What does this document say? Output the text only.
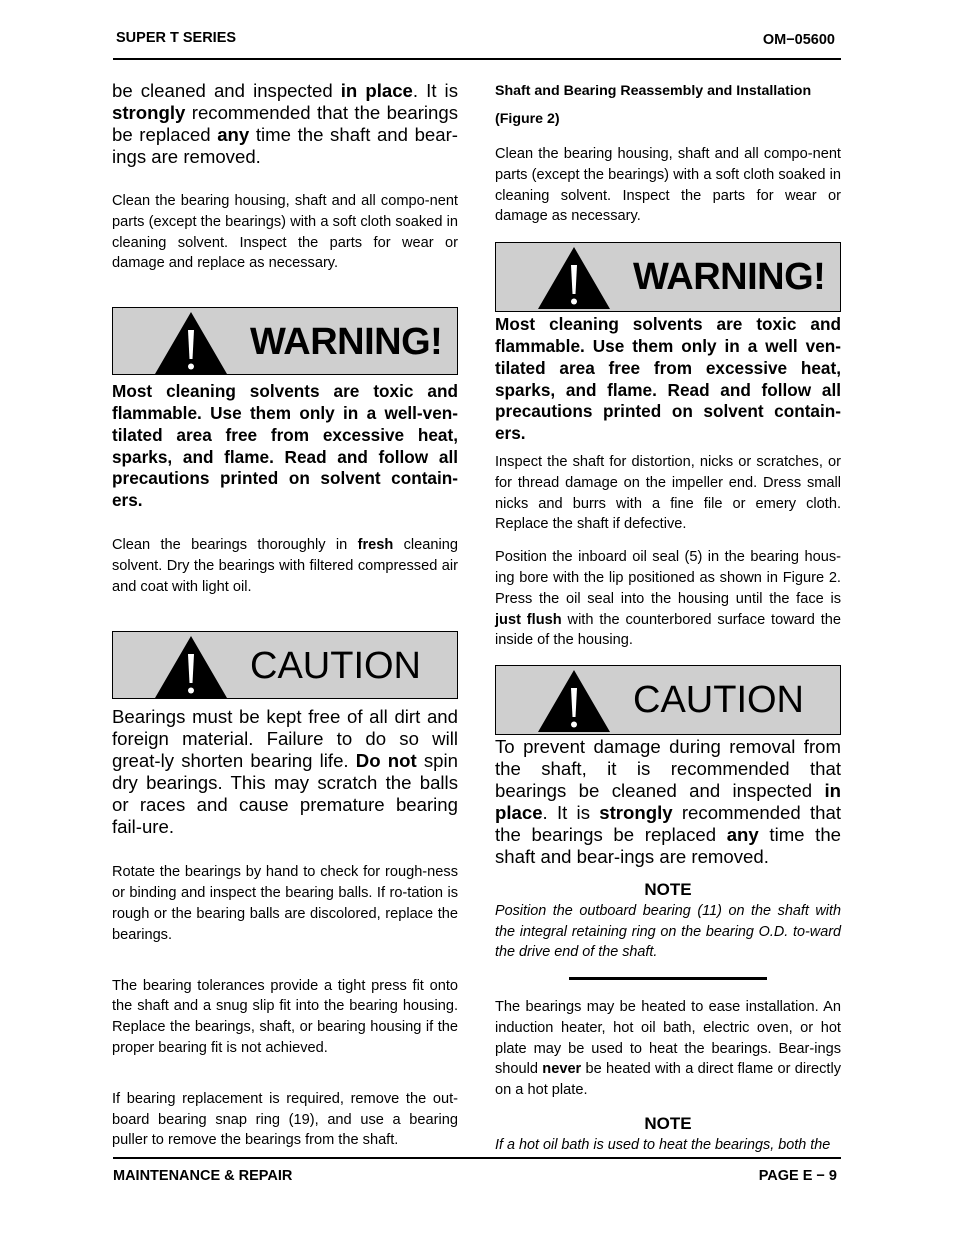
SUPER T SERIES	OM−05600

be cleaned and inspected in place. It is strongly recommended that the bearings be replaced any time the shaft and bear-ings are removed.

Clean the bearing housing, shaft and all compo-nent parts (except the bearings) with a soft cloth soaked in cleaning solvent. Inspect the parts for wear or damage and replace as necessary.

WARNING!

Most cleaning solvents are toxic and flammable. Use them only in a well-ven-tilated area free from excessive heat, sparks, and flame. Read and follow all precautions printed on solvent contain-ers.

Clean the bearings thoroughly in fresh cleaning solvent. Dry the bearings with filtered compressed air and coat with light oil.

CAUTION

Bearings must be kept free of all dirt and foreign material. Failure to do so will great-ly shorten bearing life. Do not spin dry bearings. This may scratch the balls or races and cause premature bearing fail-ure.

Rotate the bearings by hand to check for rough-ness or binding and inspect the bearing balls. If ro-tation is rough or the bearing balls are discolored, replace the bearings.

The bearing tolerances provide a tight press fit onto the shaft and a snug slip fit into the bearing housing. Replace the bearings, shaft, or bearing housing if the proper bearing fit is not achieved.

If bearing replacement is required, remove the out-board bearing snap ring (19), and use a bearing puller to remove the bearings from the shaft.

Shaft and Bearing Reassembly and Installation
(Figure 2)

Clean the bearing housing, shaft and all compo-nent parts (except the bearings) with a soft cloth soaked in cleaning solvent. Inspect the parts for wear or damage as necessary.

WARNING!

Most cleaning solvents are toxic and flammable. Use them only in a well ven-tilated area free from excessive heat, sparks, and flame. Read and follow all precautions printed on solvent contain-ers.

Inspect the shaft for distortion, nicks or scratches, or for thread damage on the impeller end. Dress small nicks and burrs with a fine file or emery cloth. Replace the shaft if defective.

Position the inboard oil seal (5) in the bearing hous-ing bore with the lip positioned as shown in Figure 2. Press the oil seal into the housing until the face is just flush with the counterbored surface toward the inside of the housing.

CAUTION

To prevent damage during removal from the shaft, it is recommended that bearings be cleaned and inspected in place. It is strongly recommended that the bearings be replaced any time the shaft and bear-ings are removed.

NOTE

Position the outboard bearing (11) on the shaft with the integral retaining ring on the bearing O.D. to-ward the drive end of the shaft.

The bearings may be heated to ease installation. An induction heater, hot oil bath, electric oven, or hot plate may be used to heat the bearings. Bear-ings should never be heated with a direct flame or directly on a hot plate.

NOTE

If a hot oil bath is used to heat the bearings, both the

MAINTENANCE & REPAIR	PAGE E − 9
